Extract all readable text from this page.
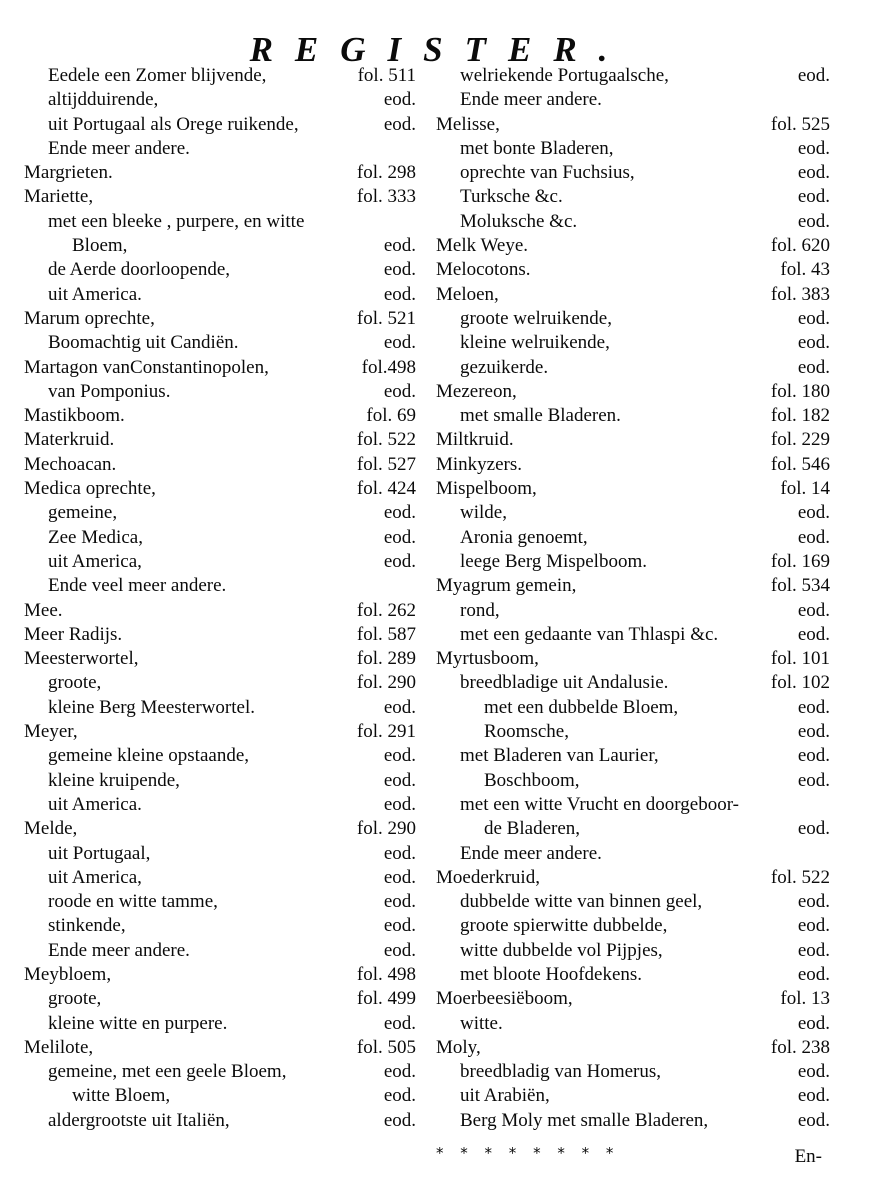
REGISTER.
Eedele een Zomer blijvende,	fol. 511
altijdduirende,	eod.
uit Portugaal als Orege ruikende,	eod.
Ende meer andere.
Margrieten.	fol. 298
Mariette,	fol. 333
met een bleeke , purpere, en witte
Bloem,	eod.
de Aerde doorloopende,	eod.
uit America.	eod.
Marum oprechte,	fol. 521
Boomachtig uit Candiën.	eod.
Martagon vanConstantinopolen,	fol.498
van Pomponius.	eod.
Mastikboom.	fol. 69
Materkruid.	fol. 522
Mechoacan.	fol. 527
Medica oprechte,	fol. 424
gemeine,	eod.
Zee Medica,	eod.
uit America,	eod.
Ende veel meer andere.
Mee.	fol. 262
Meer Radijs.	fol. 587
Meesterwortel,	fol. 289
groote,	fol. 290
kleine Berg Meesterwortel.	eod.
Meyer,	fol. 291
gemeine kleine opstaande,	eod.
kleine kruipende,	eod.
uit America.	eod.
Melde,	fol. 290
uit Portugaal,	eod.
uit America,	eod.
roode en witte tamme,	eod.
stinkende,	eod.
Ende meer andere.	eod.
Meybloem,	fol. 498
groote,	fol. 499
kleine witte en purpere.	eod.
Melilote,	fol. 505
gemeine, met een geele Bloem,	eod.
witte Bloem,	eod.
aldergrootste uit Italiën,	eod.
welriekende Portugaalsche,	eod.
Ende meer andere.
Melisse,	fol. 525
met bonte Bladeren,	eod.
oprechte van Fuchsius,	eod.
Turksche &c.	eod.
Moluksche &c.	eod.
Melk Weye.	fol. 620
Melocotons.	fol. 43
Meloen,	fol. 383
groote welruikende,	eod.
kleine welruikende,	eod.
gezuikerde.	eod.
Mezereon,	fol. 180
met smalle Bladeren.	fol. 182
Miltkruid.	fol. 229
Minkyzers.	fol. 546
Mispelboom,	fol. 14
wilde,	eod.
Aronia genoemt,	eod.
leege Berg Mispelboom.	fol. 169
Myagrum gemein,	fol. 534
rond,	eod.
met een gedaante van Thlaspi &c.	eod.
Myrtusboom,	fol. 101
breedbladige uit Andalusie.	fol. 102
met een dubbelde Bloem,	eod.
Roomsche,	eod.
met Bladeren van Laurier,	eod.
Boschboom,	eod.
met een witte Vrucht en doorgeboor-
de Bladeren,	eod.
Ende meer andere.
Moederkruid,	fol. 522
dubbelde witte van binnen geel,	eod.
groote spierwitte dubbelde,	eod.
witte dubbelde vol Pijpjes,	eod.
met bloote Hoofdekens.	eod.
Moerbeesiëboom,	fol. 13
witte.	eod.
Moly,	fol. 238
breedbladig van Homerus,	eod.
uit Arabiën,	eod.
Berg Moly met smalle Bladeren,	eod.
* * * * * * * *	En-
